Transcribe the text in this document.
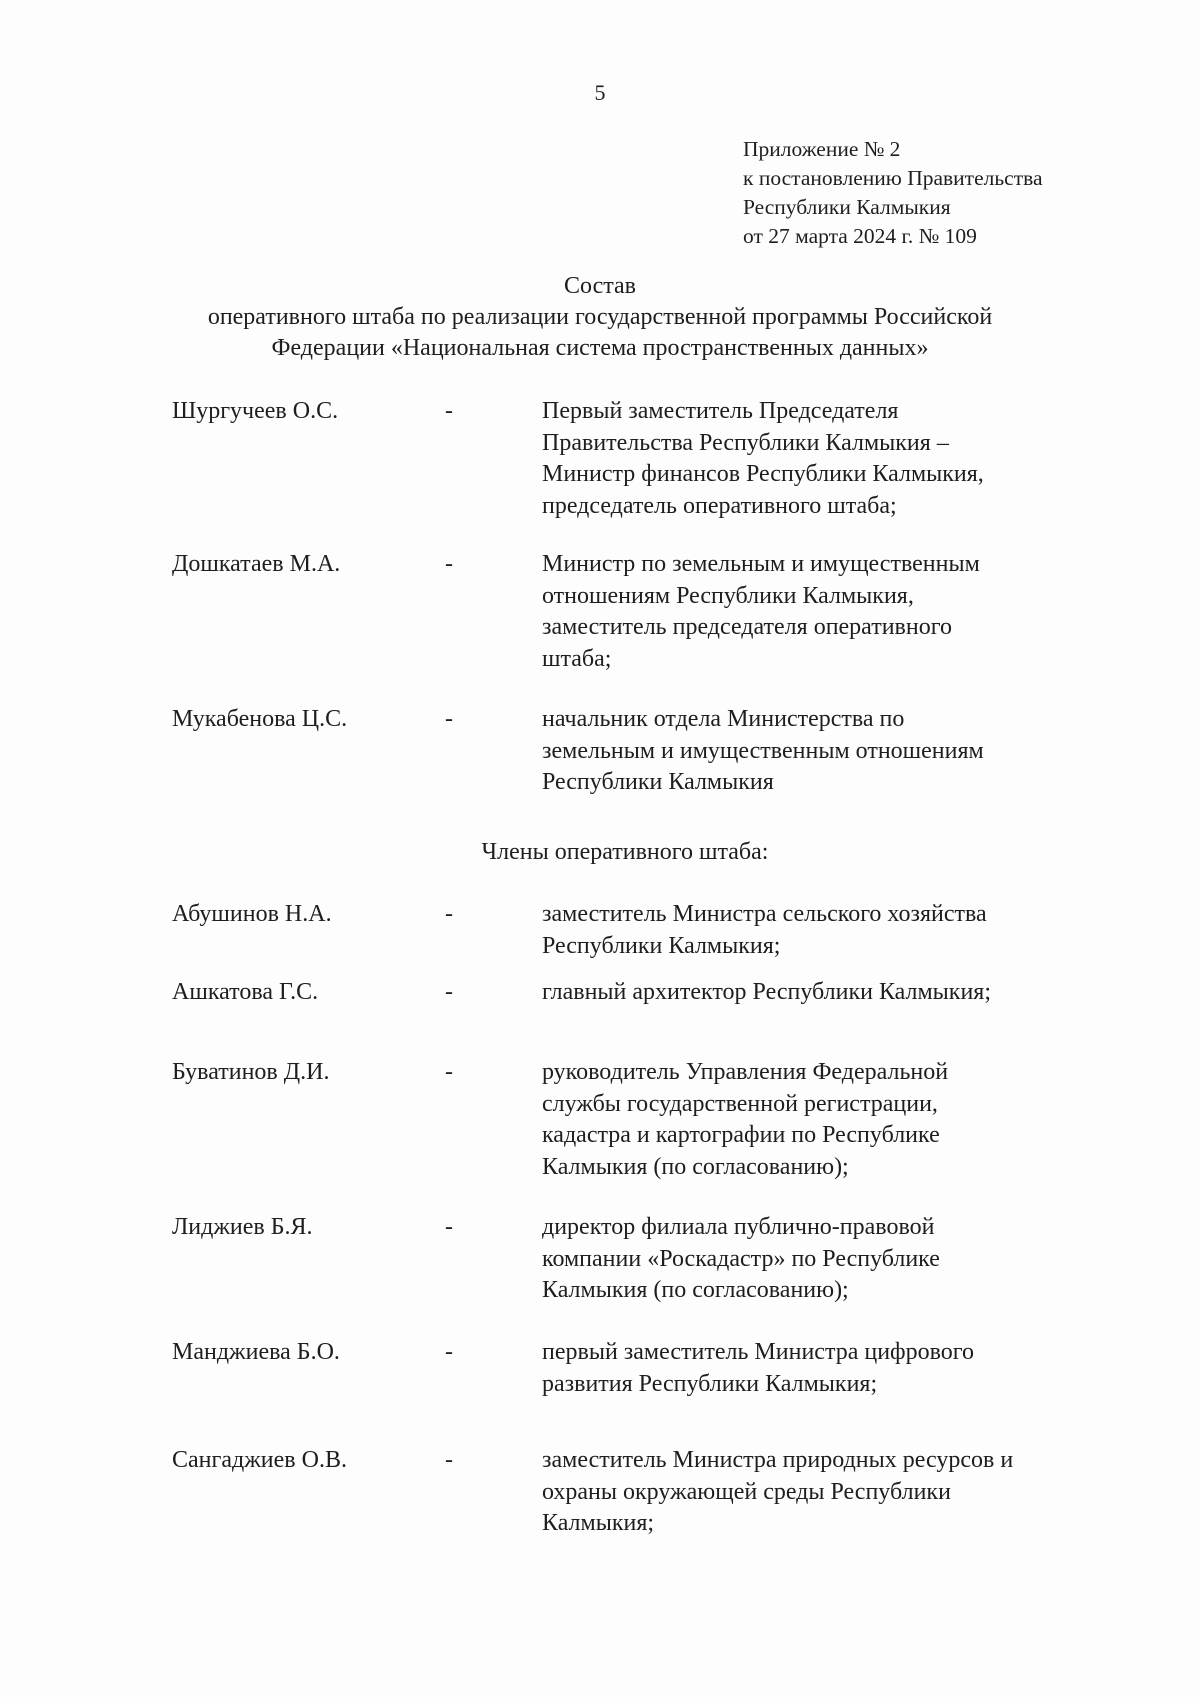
5
Приложение № 2
к постановлению Правительства
Республики Калмыкия
от 27 марта 2024 г. № 109
Состав
оперативного штаба по реализации государственной программы Российской
Федерации «Национальная система пространственных данных»
Шургучеев О.С.	-	Первый заместитель Председателя
Правительства Республики Калмыкия –
Министр финансов Республики Калмыкия,
председатель оперативного штаба;
Дошкатаев М.А.	-	Министр по земельным и имущественным
отношениям Республики Калмыкия,
заместитель председателя оперативного
штаба;
Мукабенова Ц.С.	-	начальник отдела Министерства по
земельным и имущественным отношениям
Республики Калмыкия
Члены оперативного штаба:
Абушинов Н.А.	-	заместитель Министра сельского хозяйства
Республики Калмыкия;
Ашкатова Г.С.	-	главный архитектор Республики Калмыкия;
Буватинов Д.И.	-	руководитель Управления Федеральной
службы государственной регистрации,
кадастра и картографии по Республике
Калмыкия (по согласованию);
Лиджиев Б.Я.	-	директор филиала публично-правовой
компании «Роскадастр» по Республике
Калмыкия (по согласованию);
Манджиева Б.О.	-	первый заместитель Министра цифрового
развития Республики Калмыкия;
Сангаджиев О.В.	-	заместитель Министра природных ресурсов и
охраны окружающей среды Республики
Калмыкия;
